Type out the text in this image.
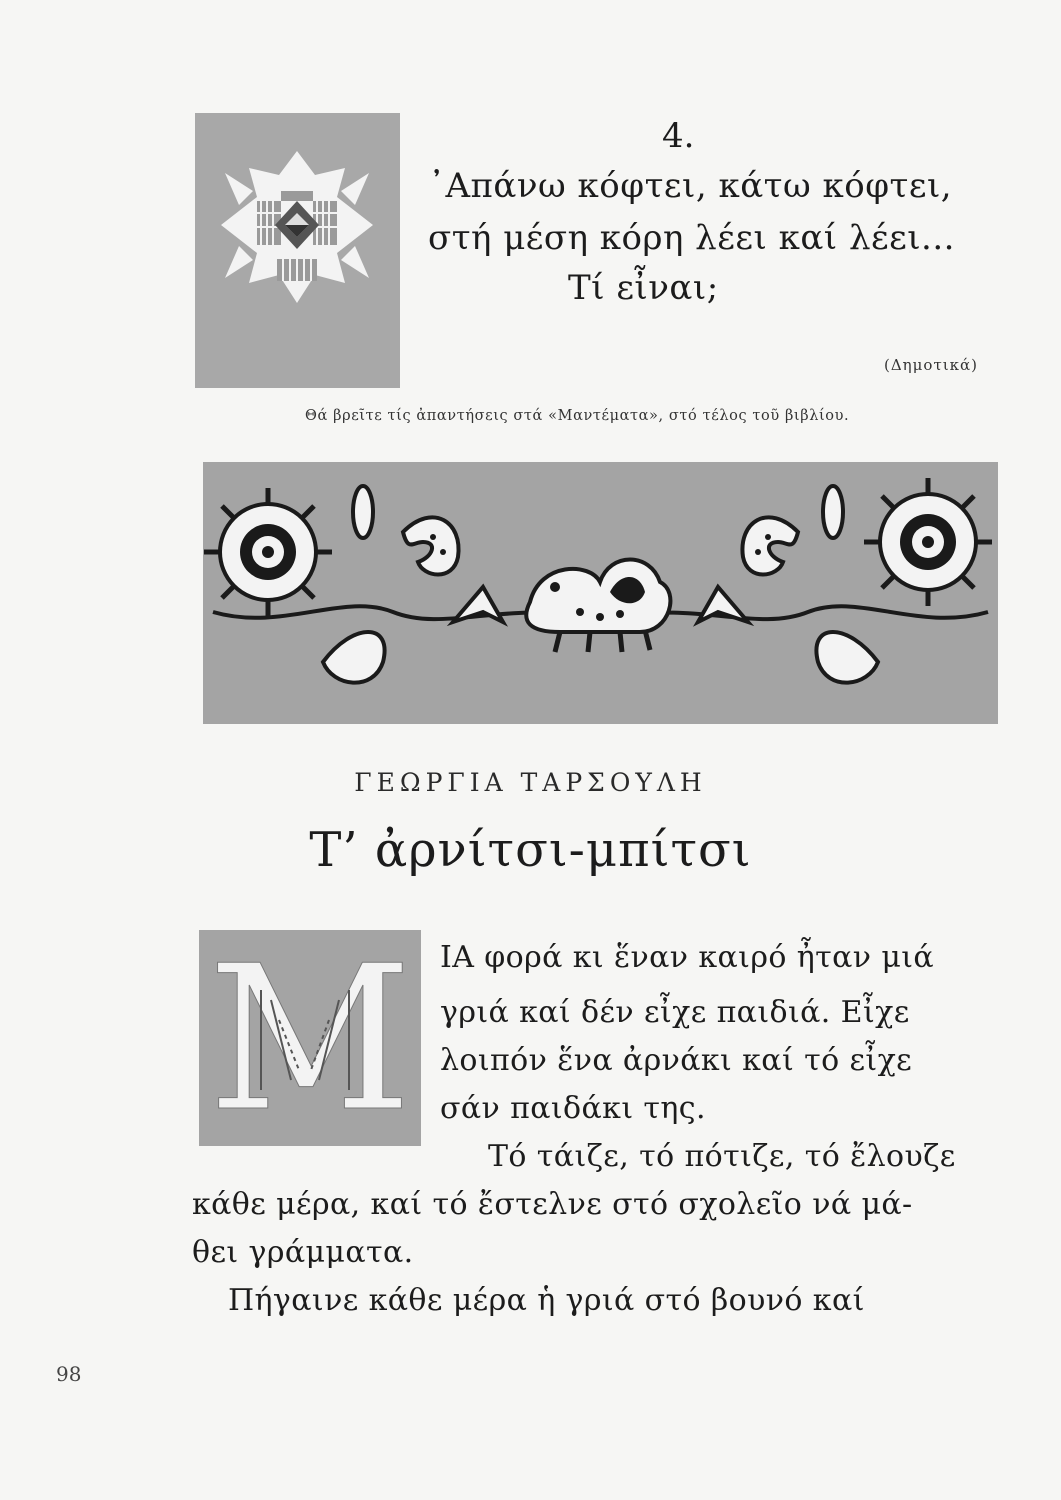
4.
᾿Απάνω κόφτει, κάτω κόφτει,
στή μέση κόρη λέει καί λέει...
Τί εἶναι;
(Δημοτικά)
Θά βρεῖτε τίς ἀπαντήσεις στά «Μαντέματα», στό τέλος τοῦ βιβλίου.
ΓΕΩΡΓΙΑ ΤΑΡΣΟΥΛΗ
Τ’ ἀρνίτσι-μπίτσι
M ΙΑ φορά κι ἕναν καιρό ἦταν μιά
γριά καί δέν εἶχε παιδιά. Εἶχε
λοιπόν ἕνα ἀρνάκι καί τό εἶχε
σάν παιδάκι της.
Τό τάιζε, τό πότιζε, τό ἔλουζε
κάθε μέρα, καί τό ἔστελνε στό σχολεῖο νά μά-
θει γράμματα.
Πήγαινε κάθε μέρα ἡ γριά στό βουνό καί
98
